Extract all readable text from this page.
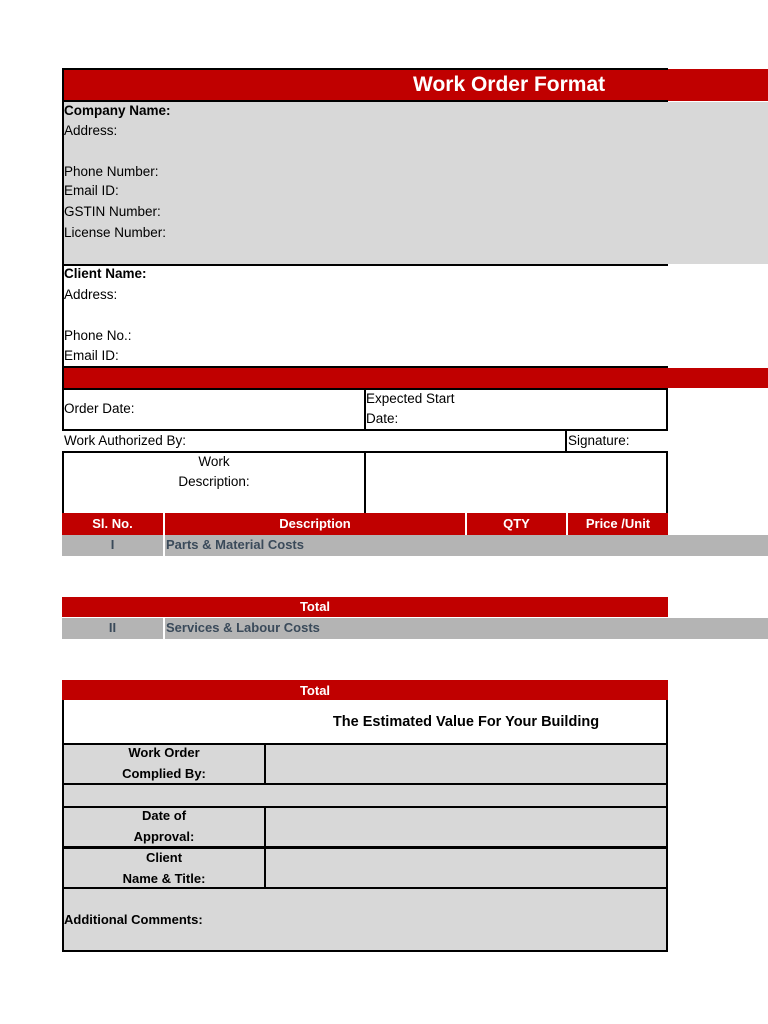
Work Order Format
Company Name:
Address:
Phone Number:
Email ID:
GSTIN Number:
License Number:
Client Name:
Address:
Phone No.:
Email ID:
Order Date:
Expected Start
Date:
Work Authorized By:	Signature:
Work
Description:
Sl. No.	Description	QTY	Price /Unit
I	Parts & Material Costs
Total
II	Services & Labour Costs
Total
The Estimated Value For Your Building
Work Order
Complied By:
Date of
Approval:
Client
Name & Title:
Additional Comments:
